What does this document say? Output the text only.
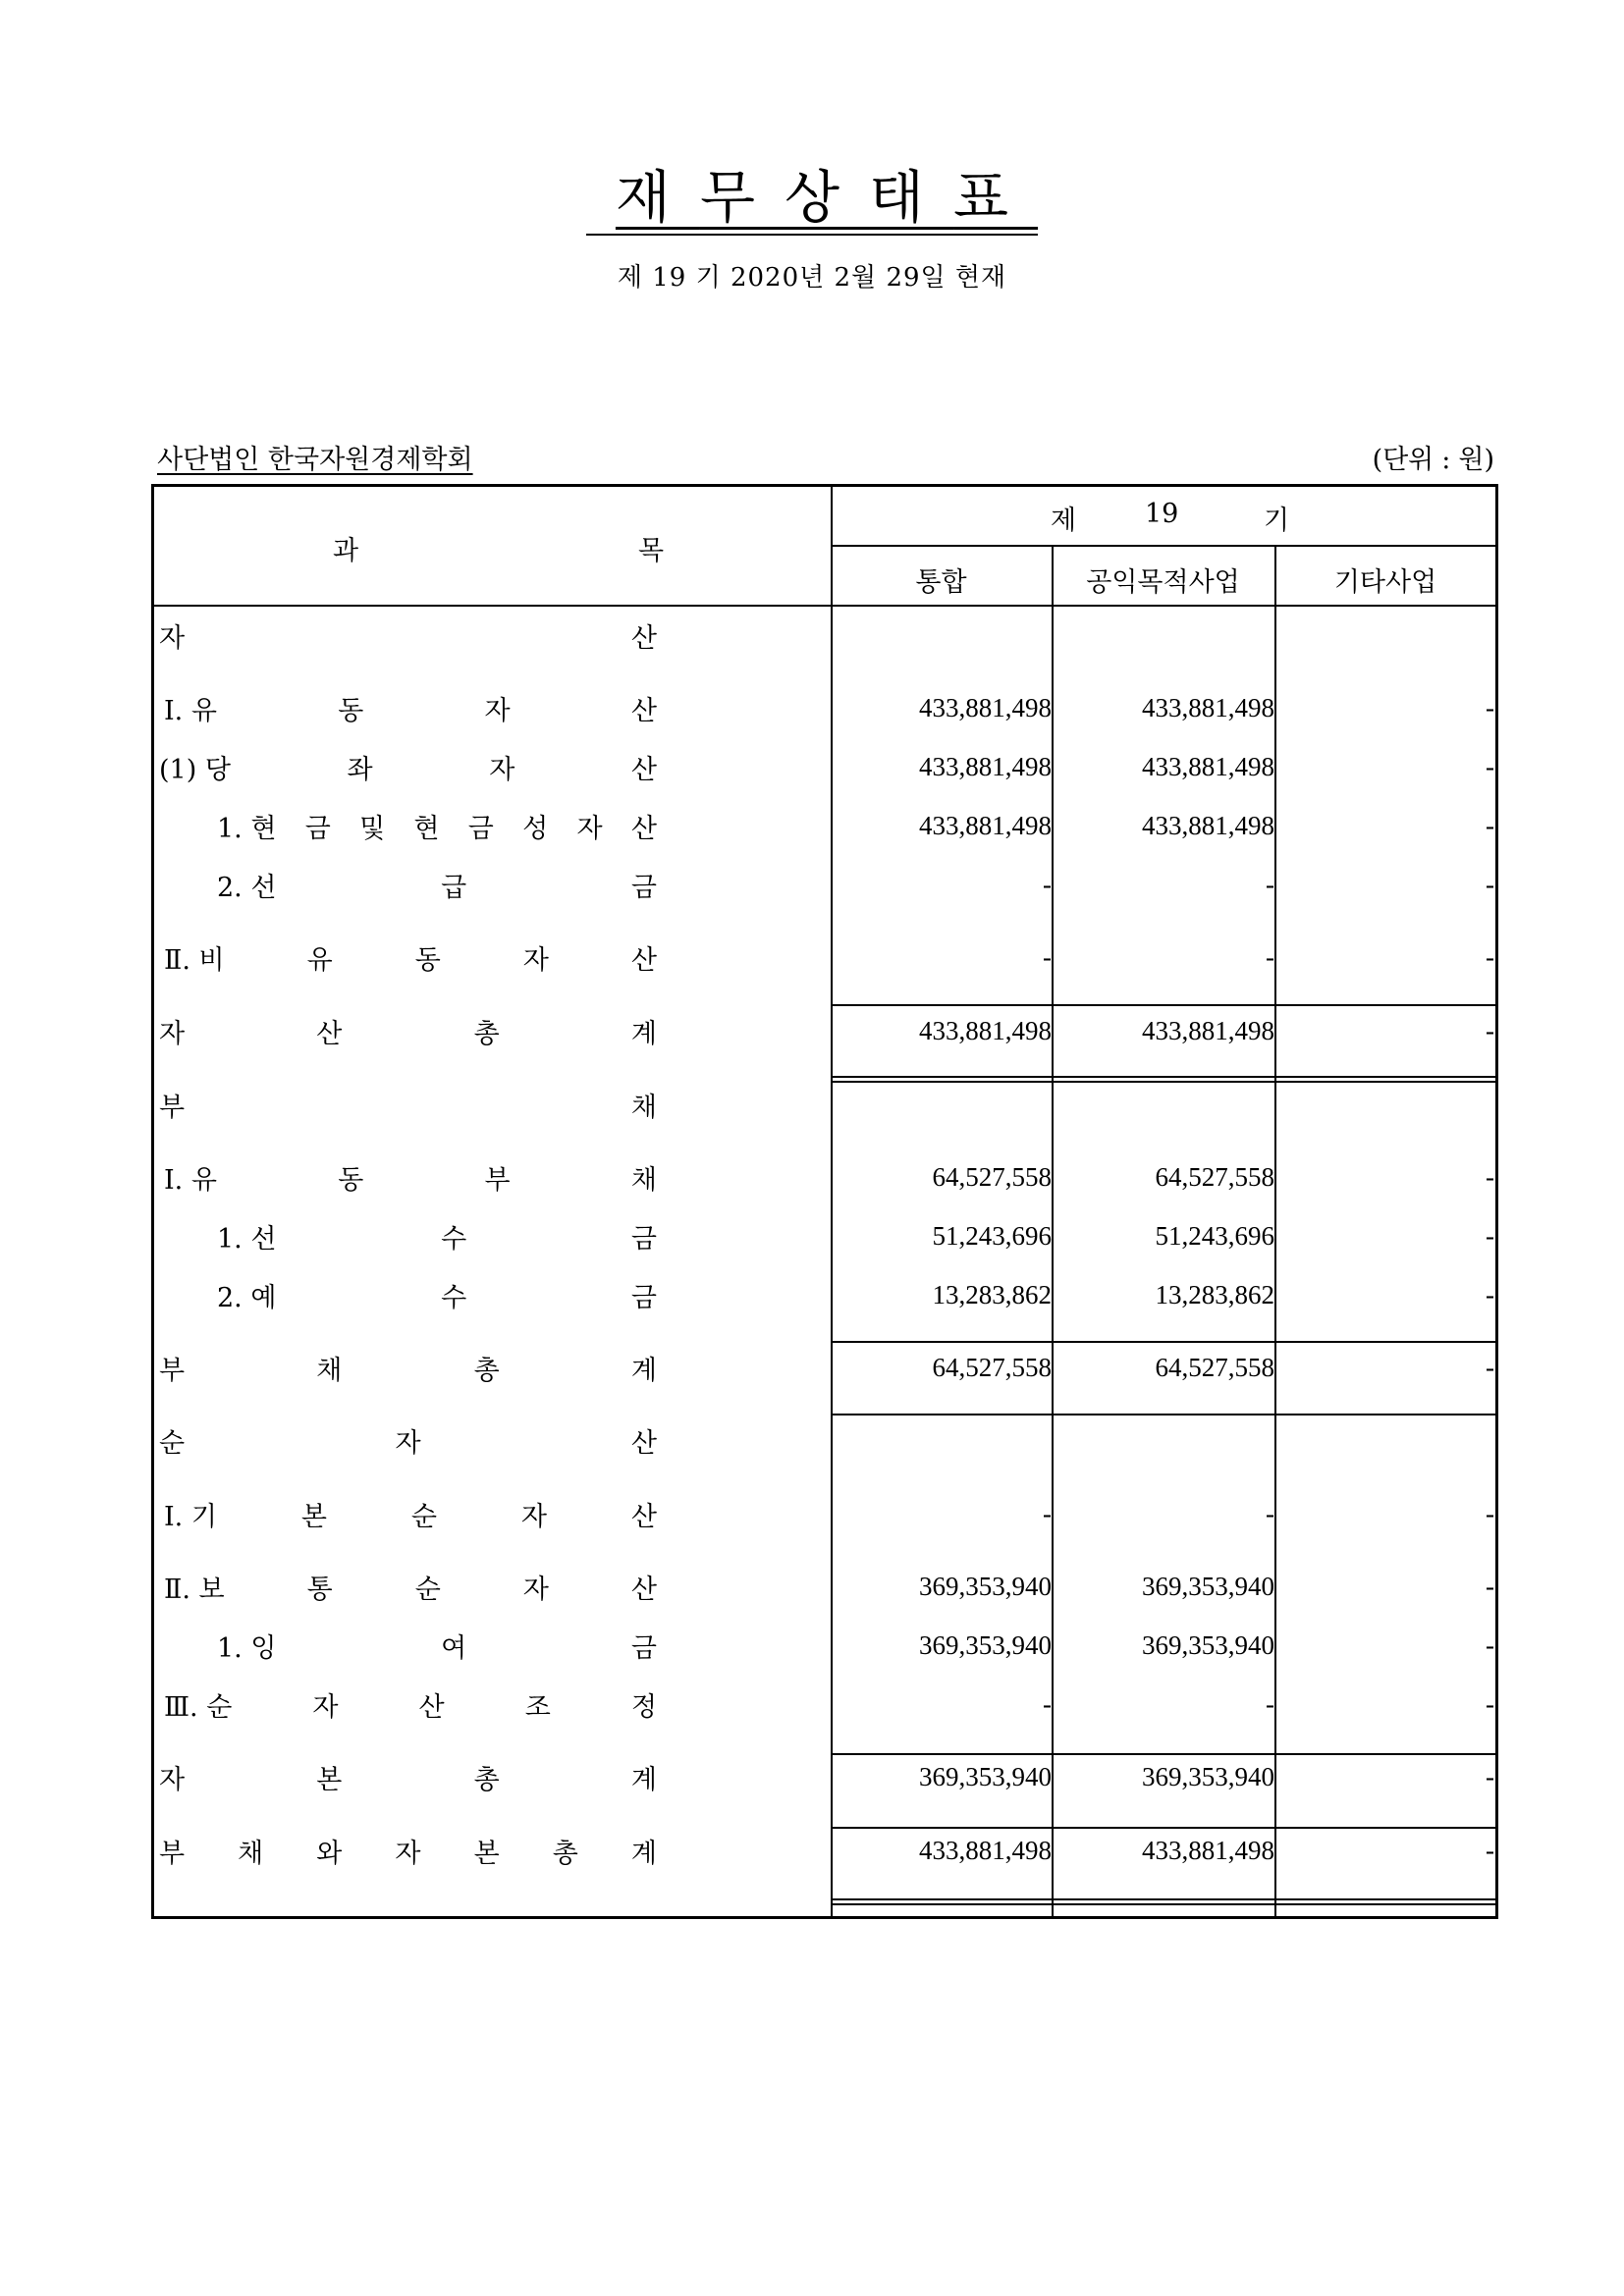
재무상태표
제 19 기 2020년 2월 29일 현재
사단법인 한국자원경제학회	(단위 : 원)
과	목
제	19	기
통합	공익목적사업	기타사업
자	산
Ⅰ. 유	동	자	산	433,881,498	433,881,498	-
(1) 당	좌	자	산	433,881,498	433,881,498	-
1. 현 금 및 현 금 성 자 산	433,881,498	433,881,498	-
2. 선	급	금	-	-	-
Ⅱ. 비	유	동	자	산	-	-	-
자	산	총	계	433,881,498	433,881,498	-
부	채
Ⅰ. 유	동	부	채	64,527,558	64,527,558	-
1. 선	수	금	51,243,696	51,243,696	-
2. 예	수	금	13,283,862	13,283,862	-
부	채	총	계	64,527,558	64,527,558	-
순	자	산
Ⅰ. 기	본	순	자	산	-	-	-
Ⅱ. 보	통	순	자	산	369,353,940	369,353,940	-
1. 잉	여	금	369,353,940	369,353,940	-
Ⅲ. 순	자	산	조	정	-	-	-
자	본	총	계	369,353,940	369,353,940	-
부 채 와 자 본 총 계	433,881,498	433,881,498	-
